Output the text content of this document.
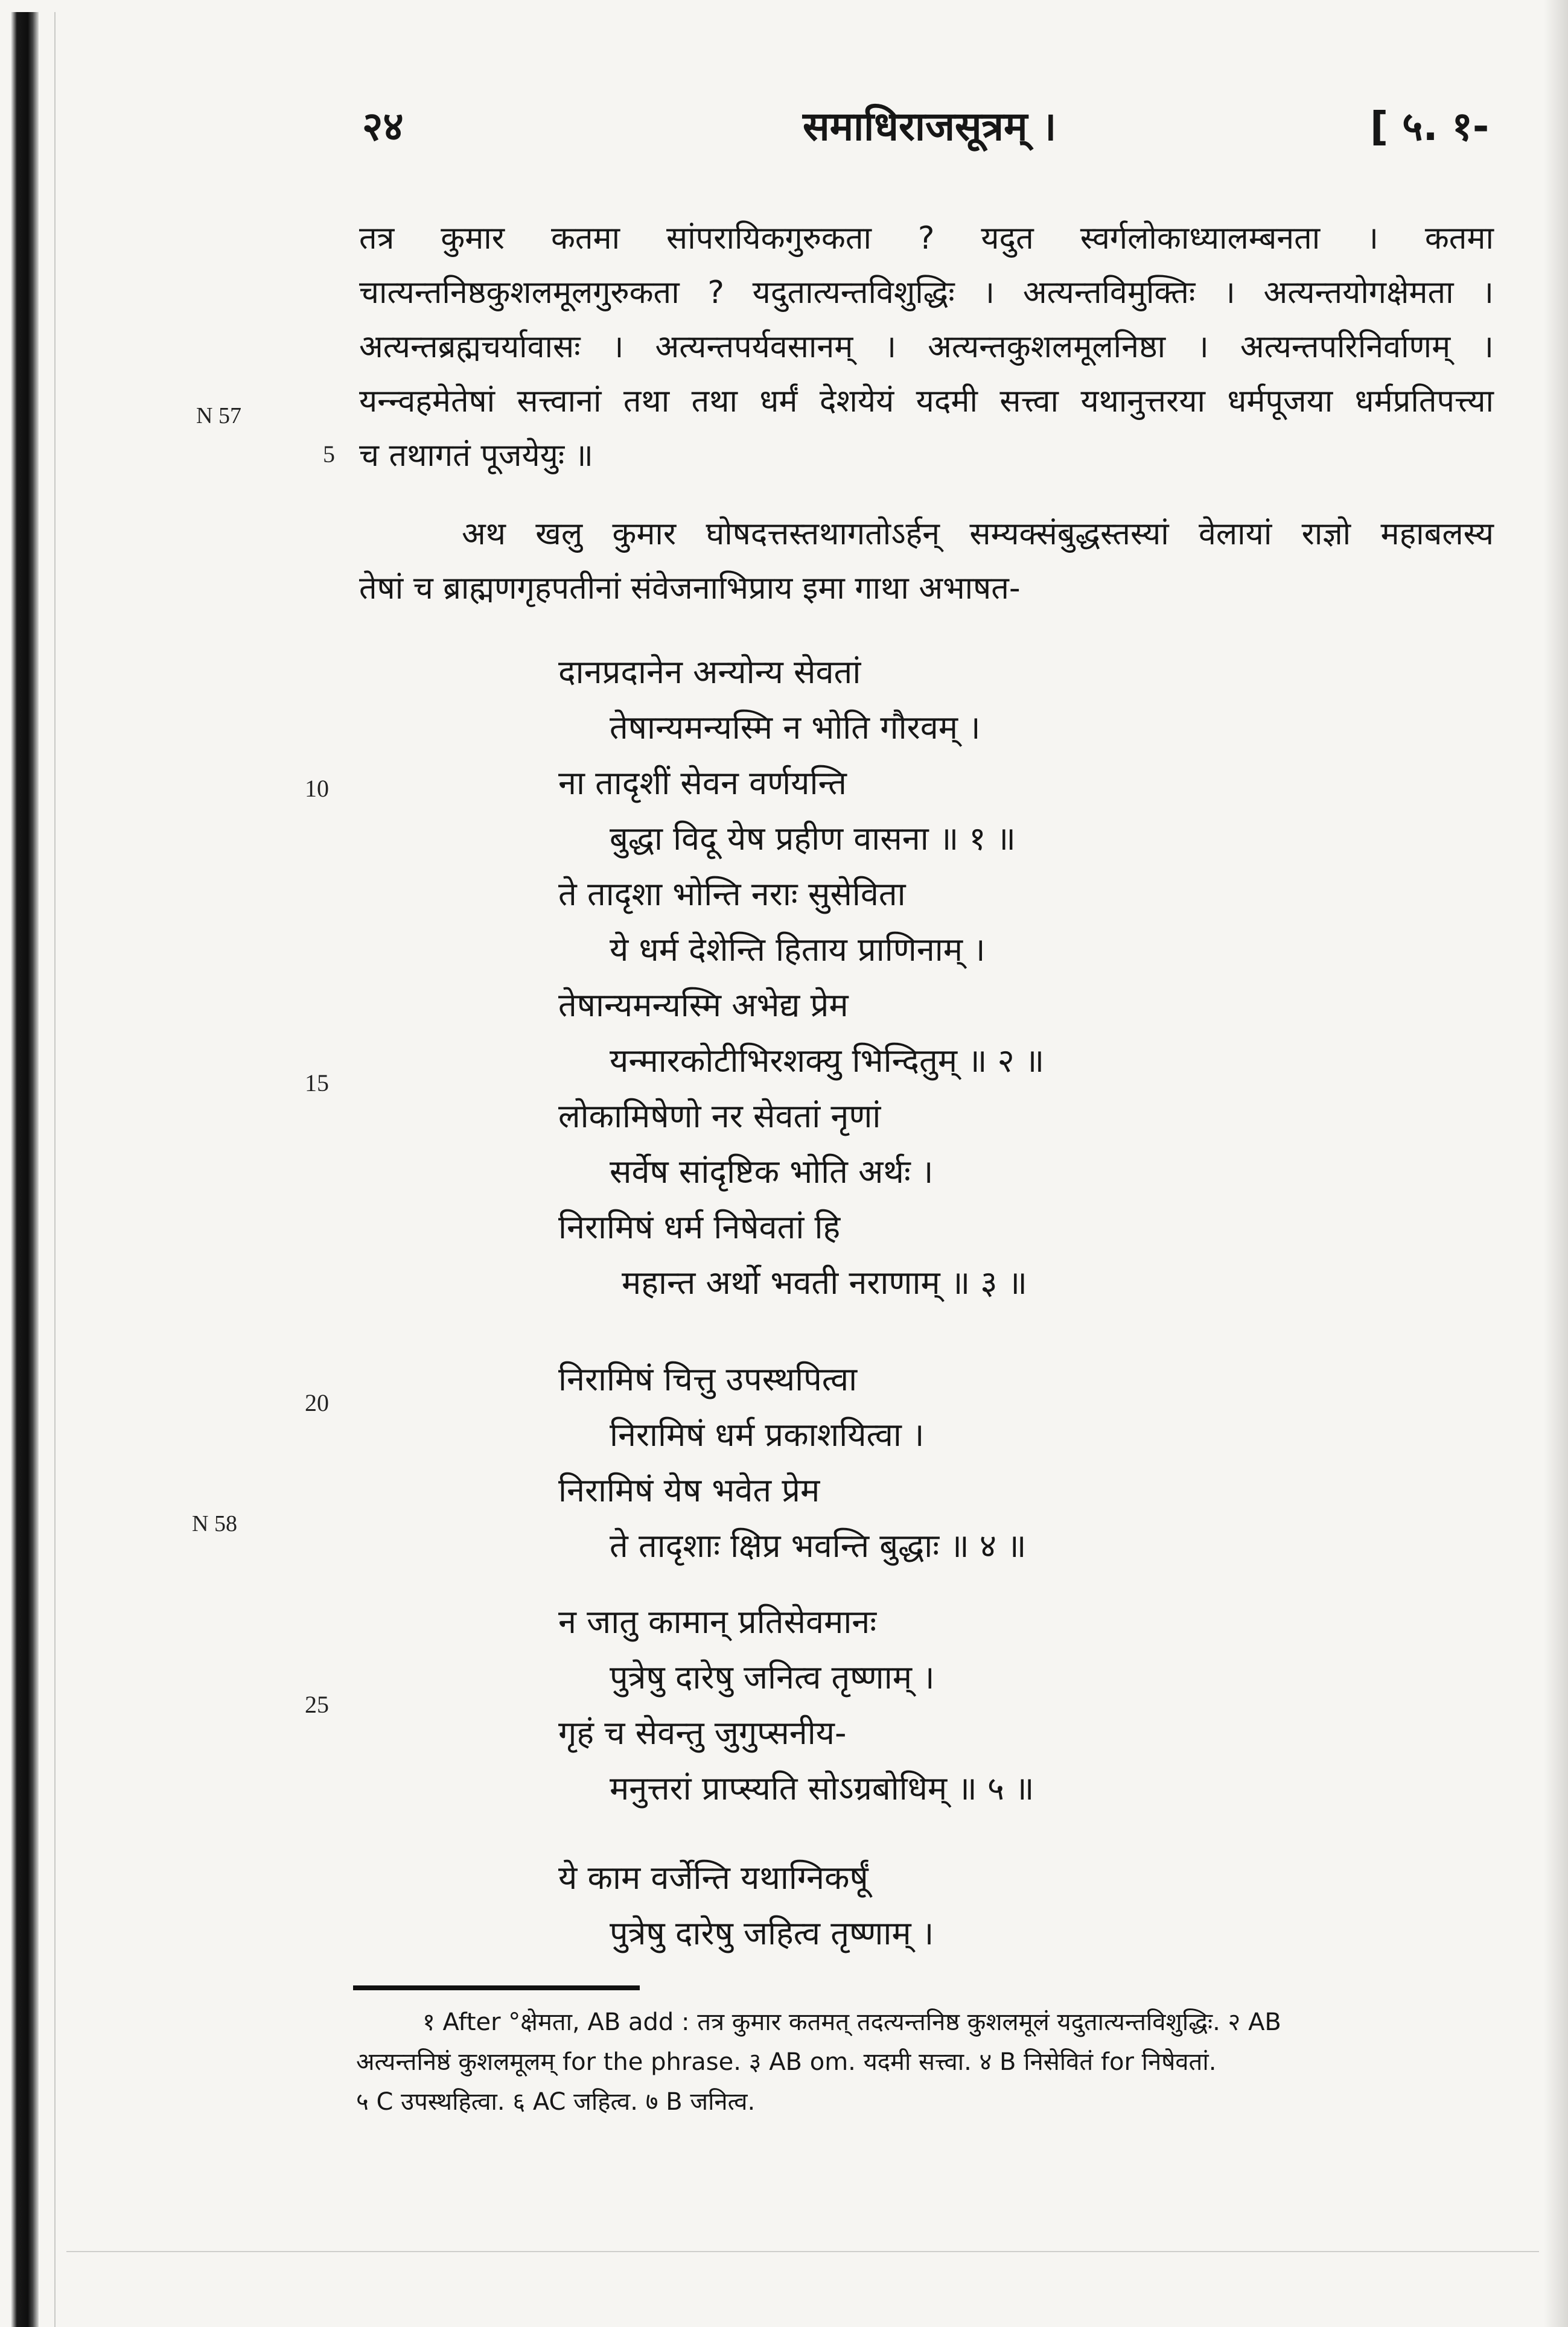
२४	समाधिराजसूत्रम् ।	[ ५. १-
तत्र कुमार कतमा सांपरायिकगुरुकता ? यदुत स्वर्गलोकाध्यालम्बनता । कतमा
चात्यन्तनिष्ठकुशलमूलगुरुकता ? यदुतात्यन्तविशुद्धिः । अत्यन्तविमुक्तिः । अत्यन्तयोगक्षेमता ।
अत्यन्तब्रह्मचर्यावासः । अत्यन्तपर्यवसानम् । अत्यन्तकुशलमूलनिष्ठा । अत्यन्तपरिनिर्वाणम् ।
यन्न्वहमेतेषां सत्त्वानां तथा तथा धर्मं देशयेयं यदमी सत्त्वा यथानुत्तरया धर्मपूजया धर्मप्रतिपत्त्या
च तथागतं पूजयेयुः ॥
अथ खलु कुमार घोषदत्तस्तथागतोऽर्हन् सम्यक्संबुद्धस्तस्यां वेलायां राज्ञो महाबलस्य
तेषां च ब्राह्मणगृहपतीनां संवेजनाभिप्राय इमा गाथा अभाषत-
दानप्रदानेन अन्योन्य सेवतां
तेषान्यमन्यस्मि न भोति गौरवम् ।
ना तादृशीं सेवन वर्णयन्ति
बुद्धा विदू येष प्रहीण वासना ॥ १ ॥
ते तादृशा भोन्ति नराः सुसेविता
ये धर्म देशेन्ति हिताय प्राणिनाम् ।
तेषान्यमन्यस्मि अभेद्य प्रेम
यन्मारकोटीभिरशक्यु भिन्दितुम् ॥ २ ॥
लोकामिषेणो नर सेवतां नृणां
सर्वेष सांदृष्टिक भोति अर्थः ।
निरामिषं धर्म निषेवतां हि
महान्त अर्थो भवती नराणाम् ॥ ३ ॥
निरामिषं चित्तु उपस्थपित्वा
निरामिषं धर्म प्रकाशयित्वा ।
निरामिषं येष भवेत प्रेम
ते तादृशाः क्षिप्र भवन्ति बुद्धाः ॥ ४ ॥
न जातु कामान् प्रतिसेवमानः
पुत्रेषु दारेषु जनित्व तृष्णाम् ।
गृहं च सेवन्तु जुगुप्सनीय-
मनुत्तरां प्राप्स्यति सोऽग्रबोधिम् ॥ ५ ॥
ये काम वर्जेन्ति यथाग्निकर्षूं
पुत्रेषु दारेषु जहित्व तृष्णाम् ।
5
10
15
20
25
N 57
N 58
१ After °क्षेमता, AB add : तत्र कुमार कतमत् तदत्यन्तनिष्ठ कुशलमूलं यदुतात्यन्तविशुद्धिः. २ AB
अत्यन्तनिष्ठं कुशलमूलम् for the phrase. ३ AB om. यदमी सत्त्वा. ४ B निसेवितं for निषेवतां.
५ C उपस्थहित्वा. ६ AC जहित्व. ७ B जनित्व.
